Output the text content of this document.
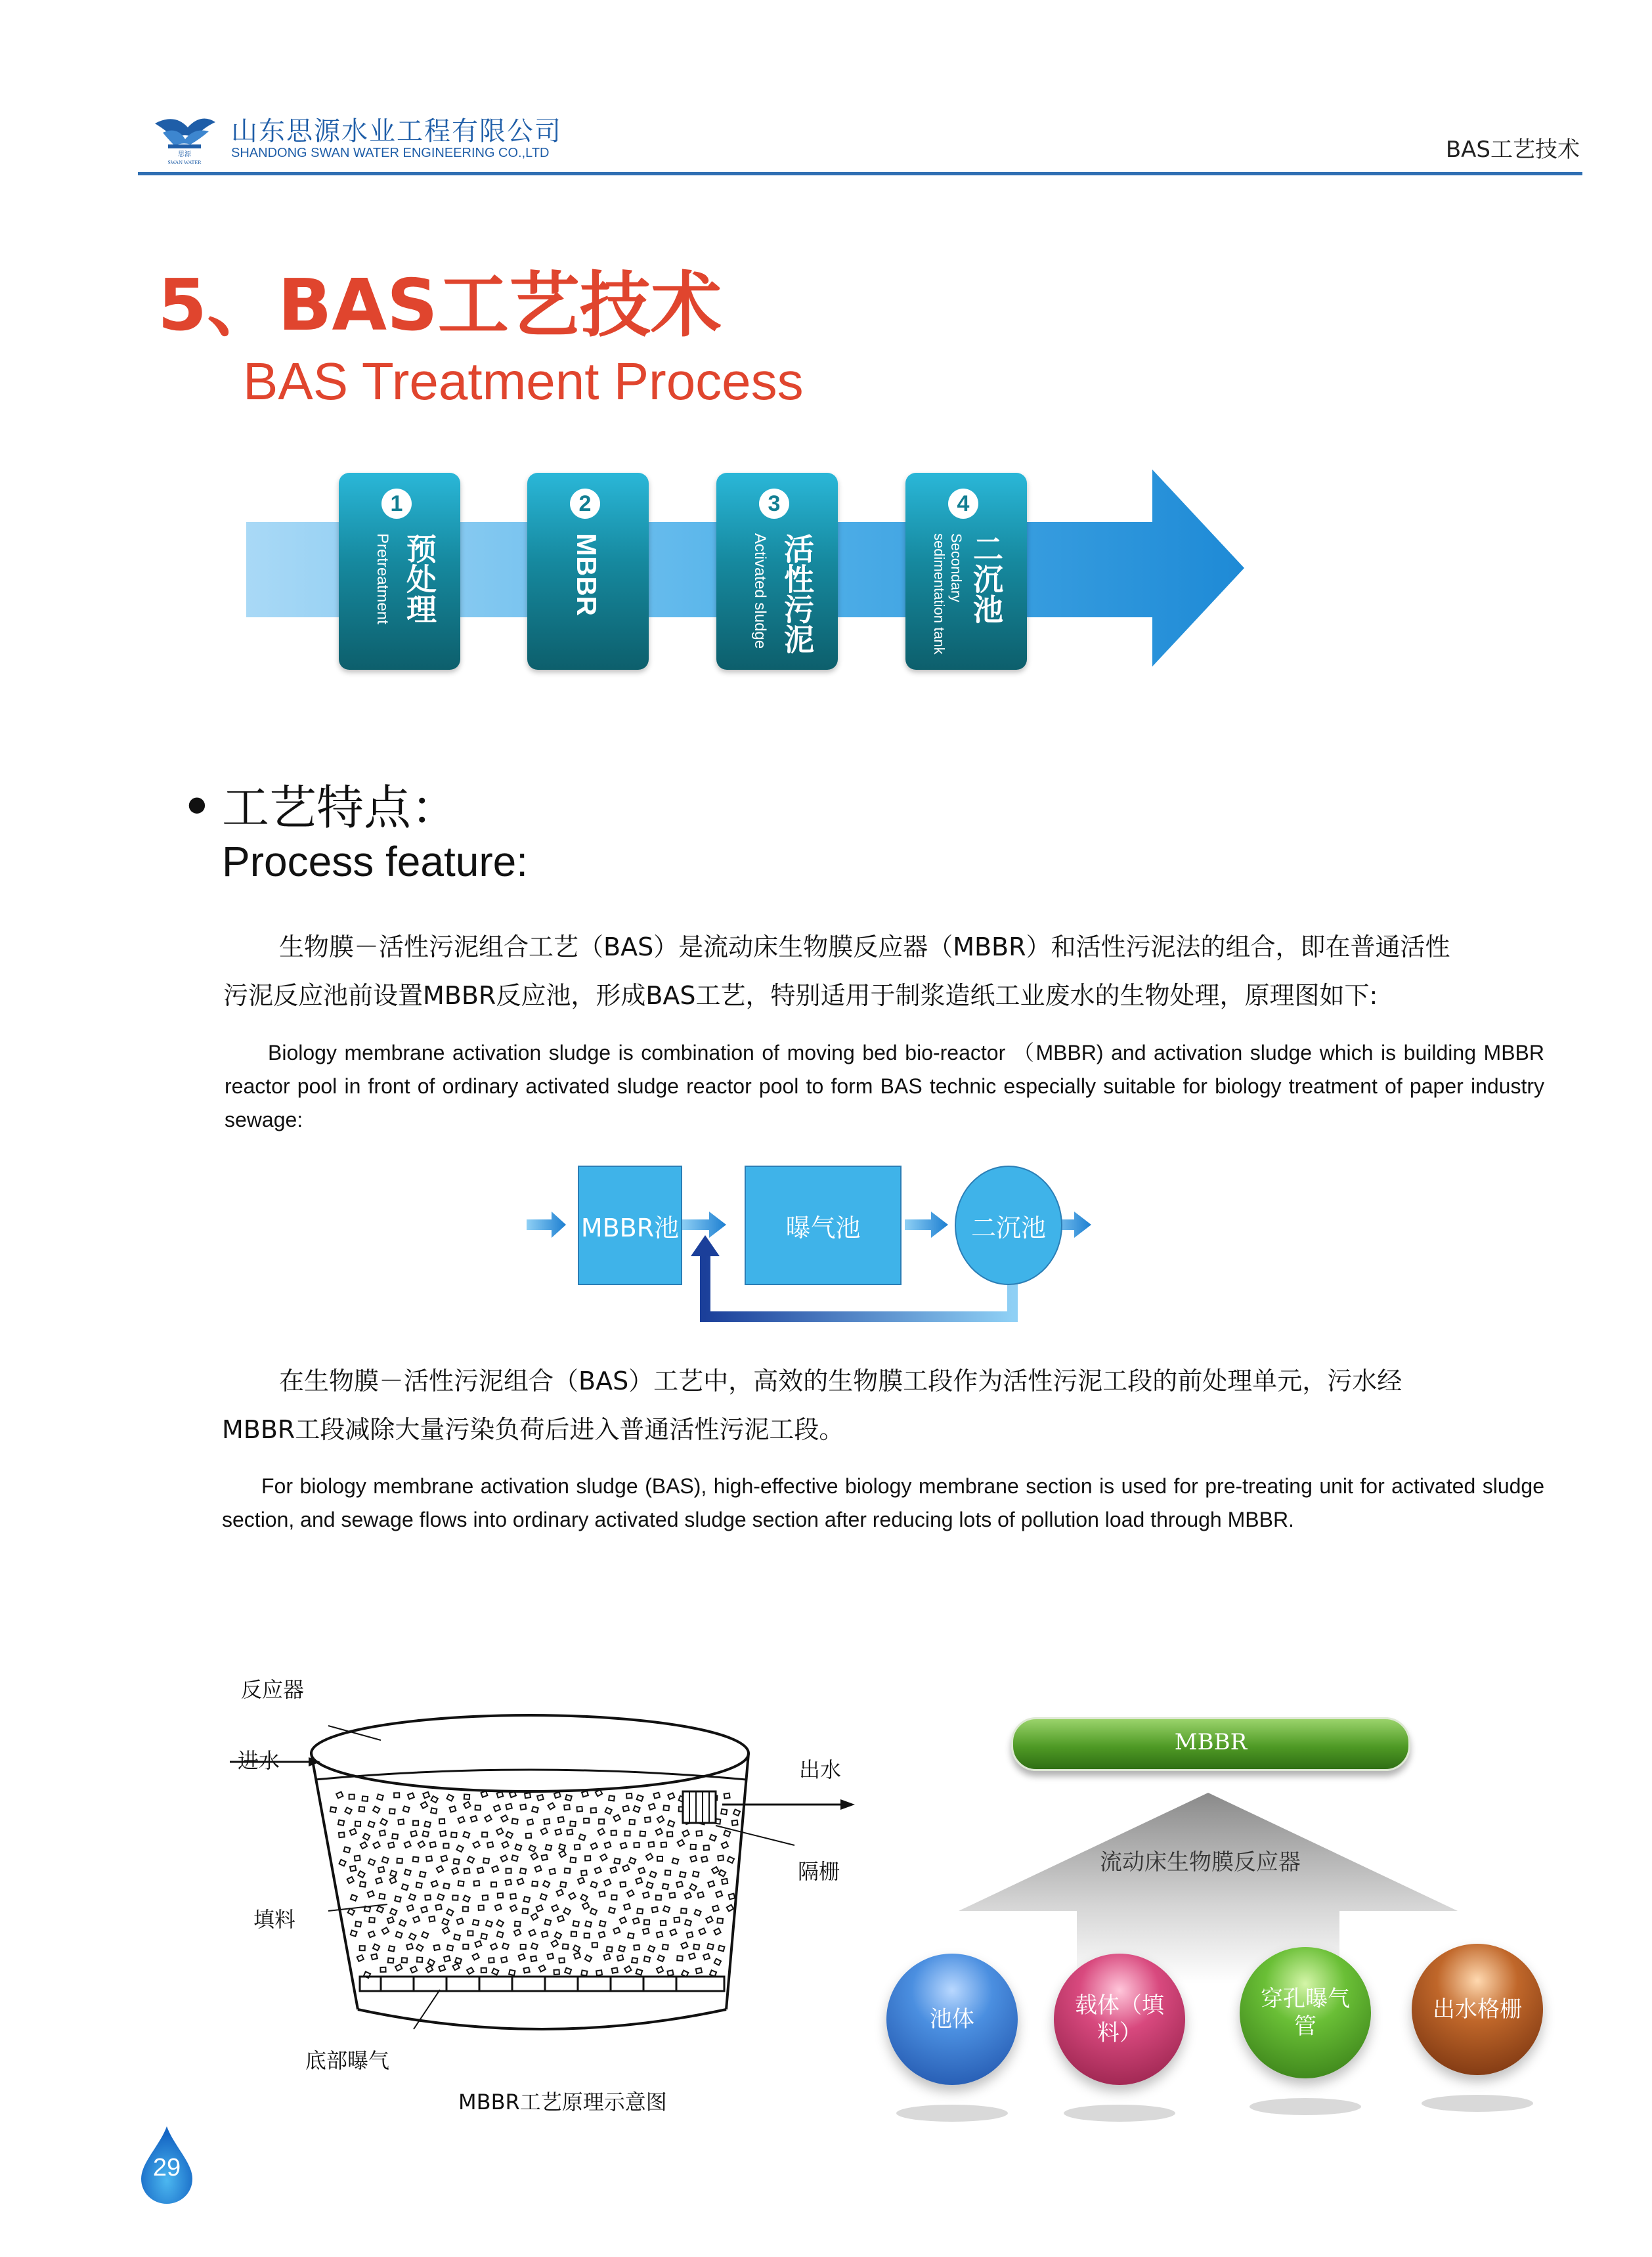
思源
SWAN WATER
山东思源水业工程有限公司
SHANDONG SWAN WATER ENGINEERING CO.,LTD	BAS工艺技术
5、BAS工艺技术
BAS Treatment Process
1
预处理
Pretreatment
2
MBBR
3
活性污泥
Activated sludge
4
二沉池
Secondary sedimentation tank
● 工艺特点：
Process feature:
生物膜－活性污泥组合工艺（BAS）是流动床生物膜反应器（MBBR）和活性污泥法的组合，即在普通活性
污泥反应池前设置MBBR反应池，形成BAS工艺，特别适用于制浆造纸工业废水的生物处理，原理图如下:
Biology membrane activation sludge is combination of moving bed bio-reactor （MBBR) and activation sludge which is building MBBR reactor pool in front of ordinary activated sludge reactor pool to form BAS technic especially suitable for biology treatment of paper industry sewage:
MBBR池	曝气池	二沉池
在生物膜－活性污泥组合（BAS）工艺中，高效的生物膜工段作为活性污泥工段的前处理单元，污水经
MBBR工段减除大量污染负荷后进入普通活性污泥工段。
For biology membrane activation sludge (BAS), high-effective biology membrane section is used for pre-treating unit for activated sludge section, and sewage flows into ordinary activated sludge section after reducing lots of pollution load through MBBR.
反应器
进水	出水
隔栅
填料
底部曝气
MBBR工艺原理示意图
MBBR
流动床生物膜反应器
池体
载体（填
料）
穿孔曝气
管
出水格栅
29
